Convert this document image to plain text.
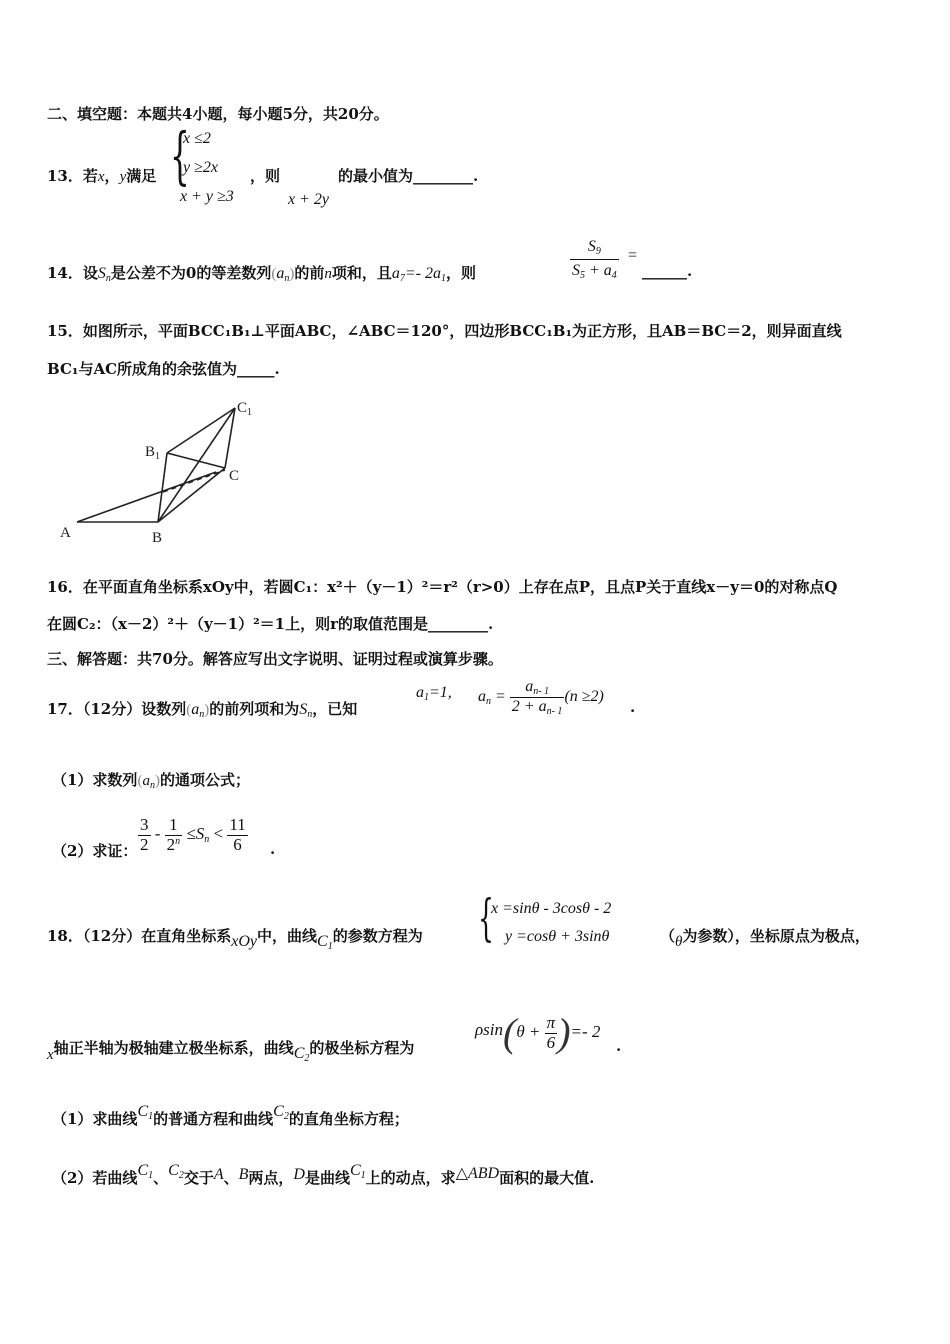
二、填空题：本题共4小题，每小题5分，共20分。
13．若x，y满足 {
x ≤2
y ≥2x
x + y ≥3
，则
x + 2y
的最小值为________.
14．设$S_n$是公差不为0的等差数列$(a_n)$的前n项和，且$a_7=-$ $2a_1$，则	$\frac{S_9}{S_5 + a_4}$ =
______.
15．如图所示，平面BCC₁B₁⊥平面ABC，∠ABC＝120°，四边形BCC₁B₁为正方形，且AB＝BC＝2，则异面直线
BC₁与AC所成角的余弦值为_____.
A	B
C
$B_1$
$C_1$
16．在平面直角坐标系xOy中，若圆C₁：x²＋（y－1）²＝r²（r>0）上存在点P，且点P关于直线x－y＝0的对称点Q
在圆C₂：（x－2）²＋（y－1）²＝1上，则r的取值范围是________.
三、解答题：共70分。解答应写出文字说明、证明过程或演算步骤。
17．（12分）设数列$(a_n)$的前列项和为$S_n$，已知
$a_1=1$, $a_n = \frac{a_{n- 1}}{2 + a_{n- 1}} (n \ge 2)$
.
（1）求数列$(a_n)$的通项公式；
（2）求证： $\frac{3}{2} - \frac{1}{2^n} \le S_n < \frac{11}{6}$ .
18．（12分）在直角坐标系xOy中，曲线$C_1$的参数方程为 {
x =sinθ - 3cosθ - 2
y =cosθ + 3sinθ	（θ为参数），坐标原点为极点，
x轴正半轴为极轴建立极坐标系，曲线$C_2$的极坐标方程为
$\rho\sin(\theta + \frac{\pi}{6}$ )=- 2
.
（1）求曲线$C_1$的普通方程和曲线$C_2$的直角坐标方程；
（2）若曲线$C_1$、$C_2$交于A、B两点，D是曲线$C_1$上的动点，求△ABD面积的最大值.
